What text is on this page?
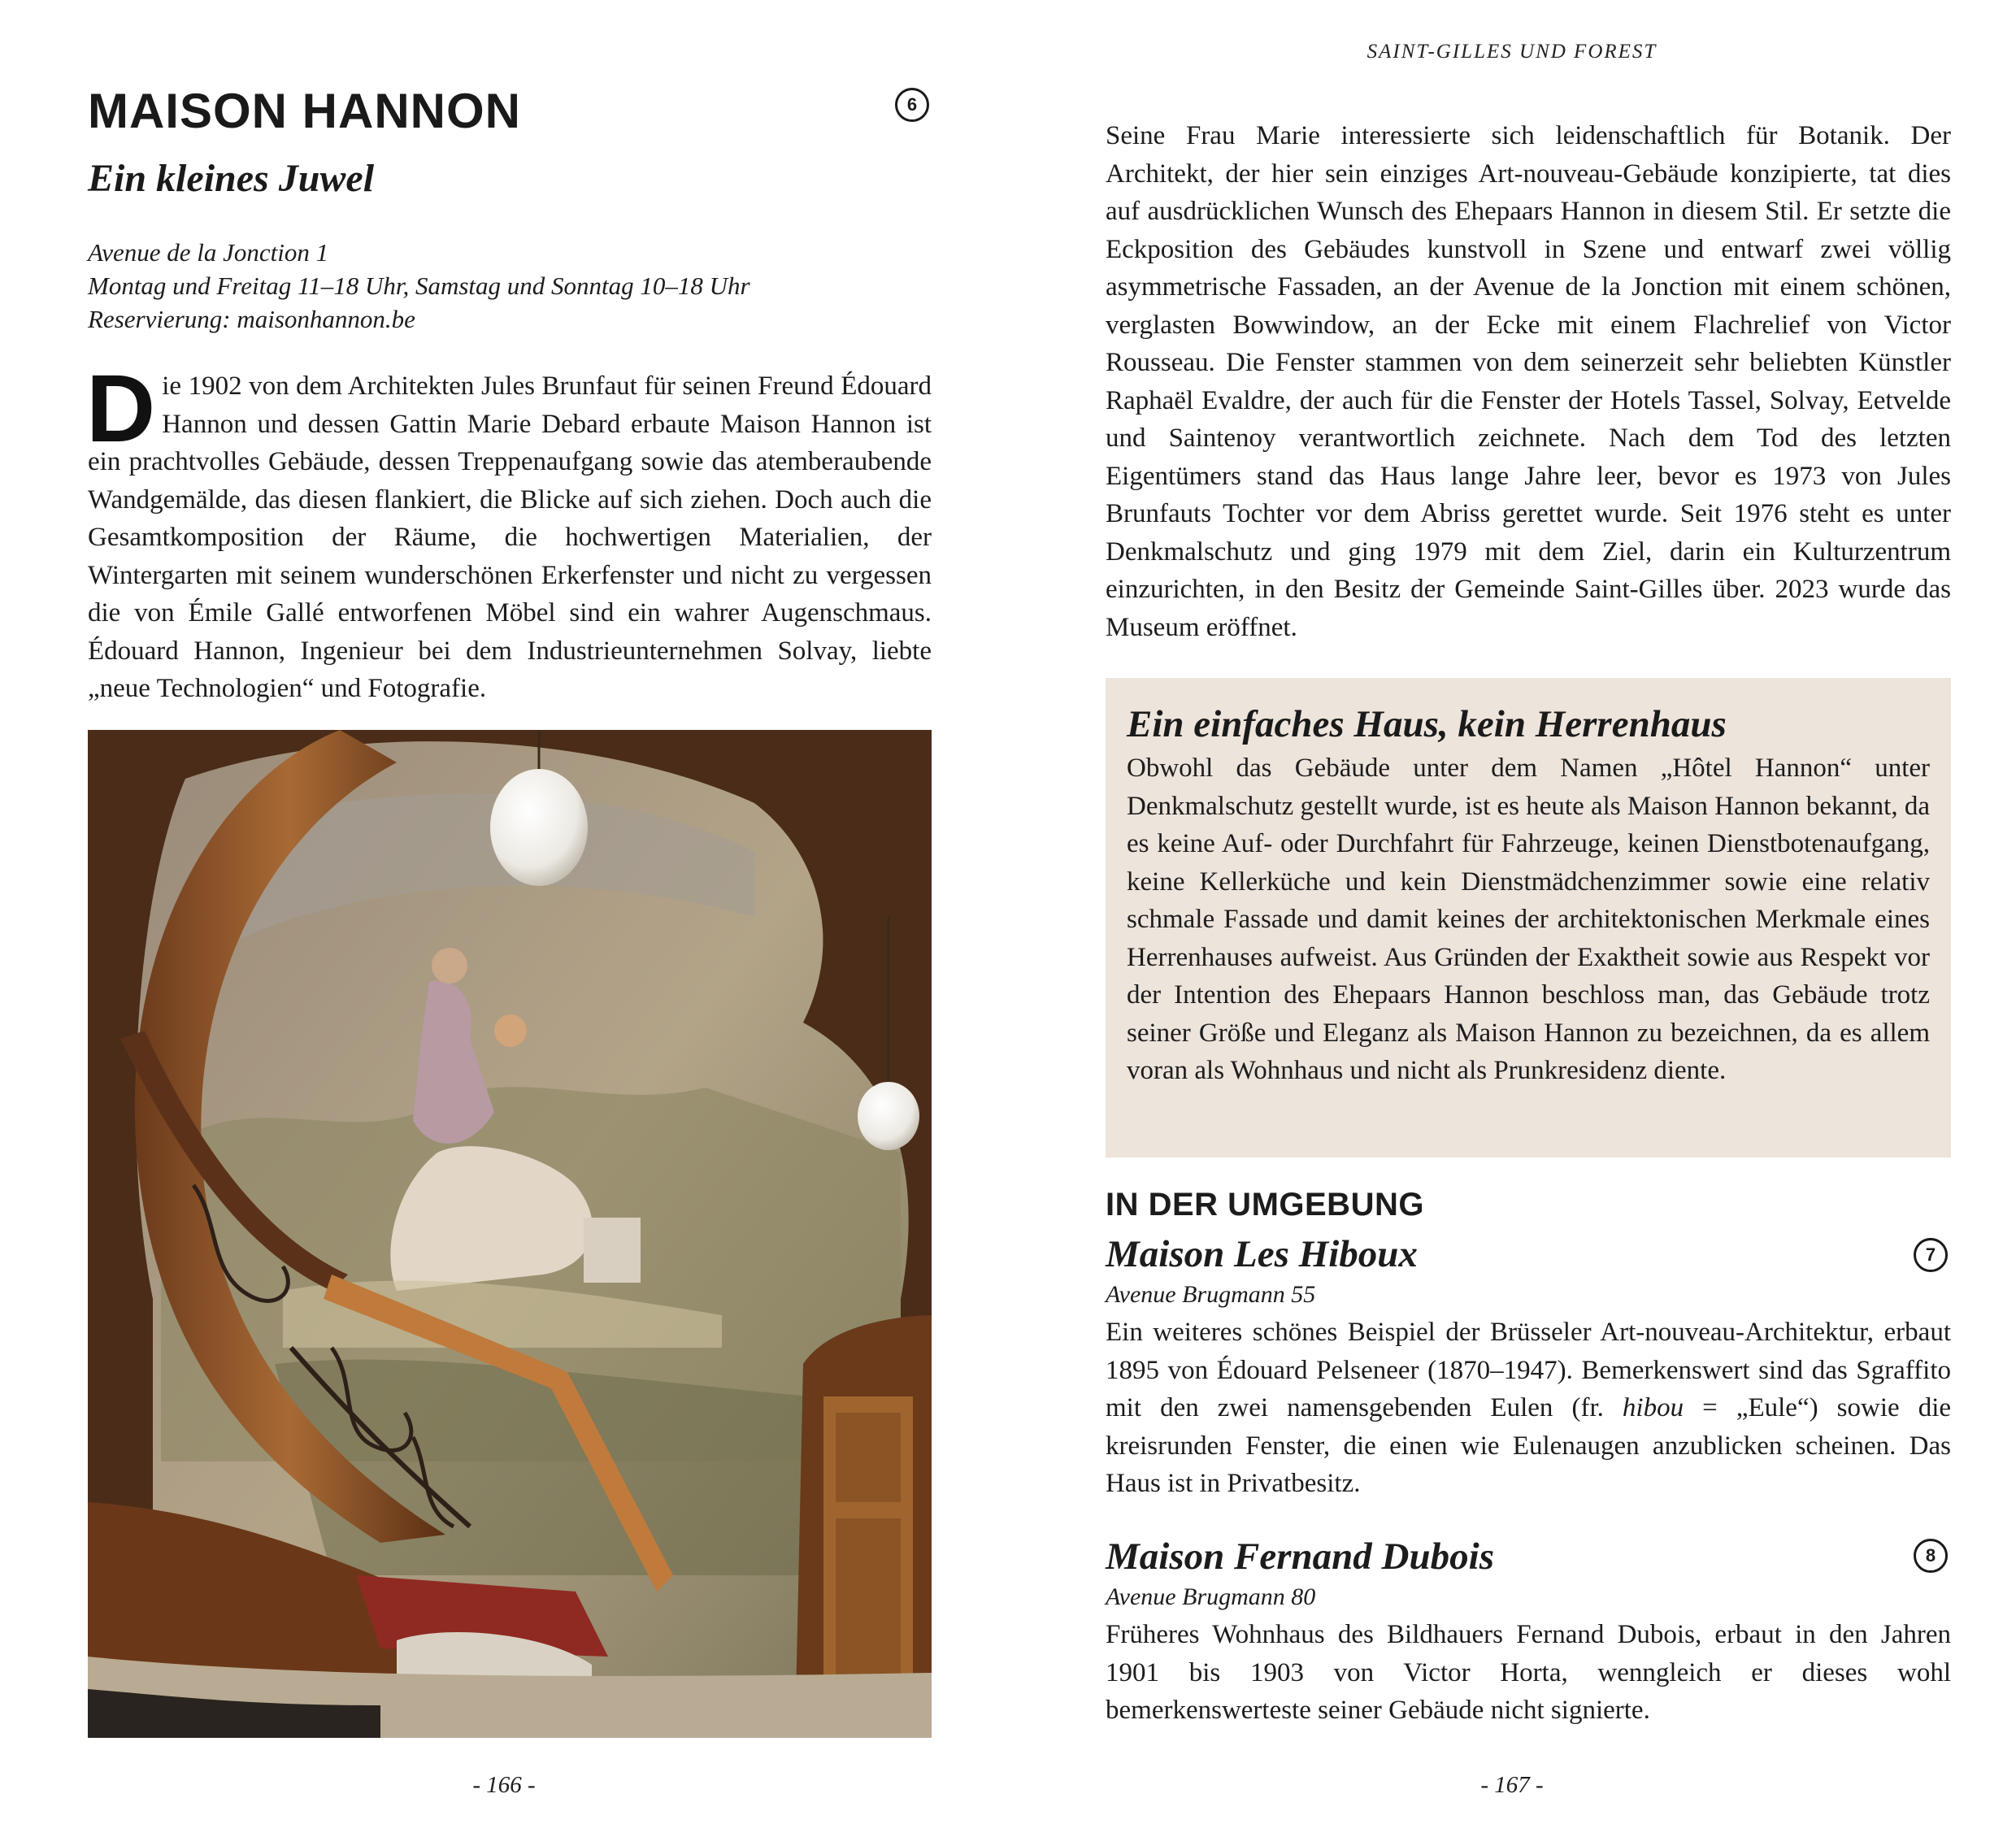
MAISON HANNON	6
Ein kleines Juwel
Avenue de la Jonction 1
Montag und Freitag 11–18 Uhr, Samstag und Sonntag 10–18 Uhr
Reservierung: maisonhannon.be

Die 1902 von dem Architekten Jules Brunfaut für seinen Freund Édouard Hannon und dessen Gattin Marie Debard erbaute Maison Hannon ist ein prachtvolles Gebäude, dessen Treppenaufgang sowie das atemberaubende Wandgemälde, das diesen flankiert, die Blicke auf sich ziehen. Doch auch die Gesamtkomposition der Räume, die hochwertigen Materialien, der Wintergarten mit seinem wunderschönen Erkerfenster und nicht zu vergessen die von Émile Gallé entworfenen Möbel sind ein wahrer Augenschmaus. Édouard Hannon, Ingenieur bei dem Industrieunternehmen Solvay, liebte „neue Technologien“ und Fotografie.

- 166 -
SAINT-GILLES UND FOREST

Seine Frau Marie interessierte sich leidenschaftlich für Botanik. Der Architekt, der hier sein einziges Art-nouveau-Gebäude konzipierte, tat dies auf ausdrücklichen Wunsch des Ehepaars Hannon in diesem Stil. Er setzte die Eckposition des Gebäudes kunstvoll in Szene und entwarf zwei völlig asymmetrische Fassaden, an der Avenue de la Jonction mit einem schönen, verglasten Bowwindow, an der Ecke mit einem Flachrelief von Victor Rousseau. Die Fenster stammen von dem seinerzeit sehr beliebten Künstler Raphaël Evaldre, der auch für die Fenster der Hotels Tassel, Solvay, Eetvelde und Saintenoy verantwortlich zeichnete. Nach dem Tod des letzten Eigentümers stand das Haus lange Jahre leer, bevor es 1973 von Jules Brunfauts Tochter vor dem Abriss gerettet wurde. Seit 1976 steht es unter Denkmalschutz und ging 1979 mit dem Ziel, darin ein Kulturzentrum einzurichten, in den Besitz der Gemeinde Saint-Gilles über. 2023 wurde das Museum eröffnet.

Ein einfaches Haus, kein Herrenhaus

Obwohl das Gebäude unter dem Namen „Hôtel Hannon“ unter Denkmalschutz gestellt wurde, ist es heute als Maison Hannon bekannt, da es keine Auf- oder Durchfahrt für Fahrzeuge, keinen Dienstbotenaufgang, keine Kellerküche und kein Dienstmädchenzimmer sowie eine relativ schmale Fassade und damit keines der architektonischen Merkmale eines Herrenhauses aufweist. Aus Gründen der Exaktheit sowie aus Respekt vor der Intention des Ehepaars Hannon beschloss man, das Gebäude trotz seiner Größe und Eleganz als Maison Hannon zu bezeichnen, da es allem voran als Wohnhaus und nicht als Prunkresidenz diente.

IN DER UMGEBUNG
Maison Les Hiboux	7
Avenue Brugmann 55

Ein weiteres schönes Beispiel der Brüsseler Art-nouveau-Architektur, erbaut 1895 von Édouard Pelseneer (1870–1947). Bemerkenswert sind das Sgraffito mit den zwei namensgebenden Eulen (fr. hibou = „Eule“) sowie die kreisrunden Fenster, die einen wie Eulenaugen anzublicken scheinen. Das Haus ist in Privatbesitz.

Maison Fernand Dubois	8
Avenue Brugmann 80

Früheres Wohnhaus des Bildhauers Fernand Dubois, erbaut in den Jahren 1901 bis 1903 von Victor Horta, wenngleich er dieses wohl bemerkenswerteste seiner Gebäude nicht signierte.

- 167 -
